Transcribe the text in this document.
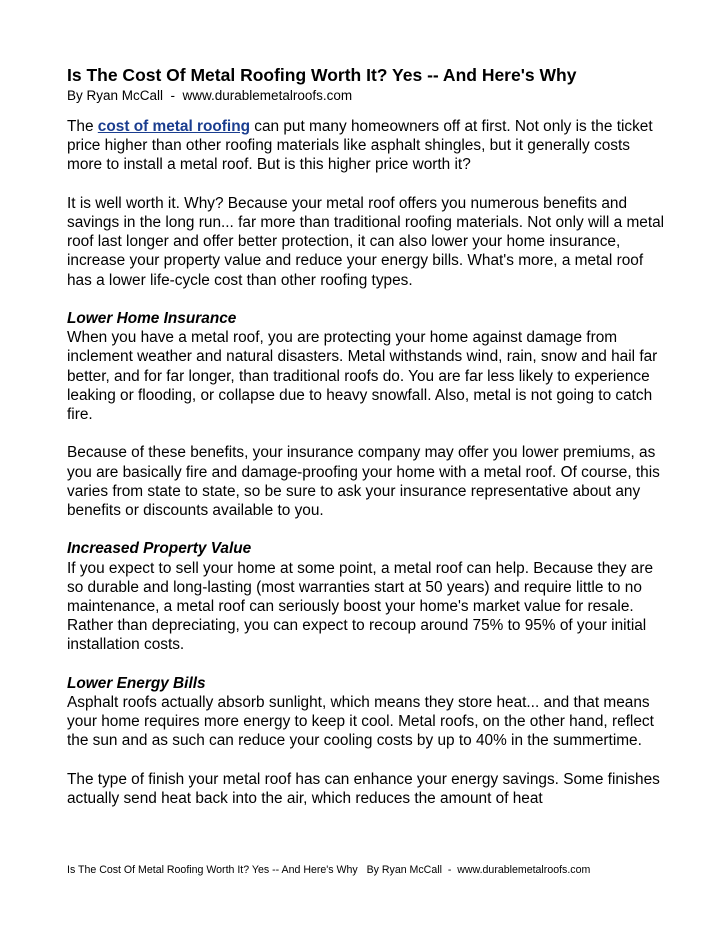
Is The Cost Of Metal Roofing Worth It? Yes -- And Here's Why

By Ryan McCall  -  www.durablemetalroofs.com

The cost of metal roofing can put many homeowners off at first. Not only is the ticket price higher than other roofing materials like asphalt shingles, but it generally costs more to install a metal roof. But is this higher price worth it?

It is well worth it. Why? Because your metal roof offers you numerous benefits and savings in the long run... far more than traditional roofing materials. Not only will a metal roof last longer and offer better protection, it can also lower your home insurance, increase your property value and reduce your energy bills. What's more, a metal roof has a lower life-cycle cost than other roofing types.

Lower Home Insurance
When you have a metal roof, you are protecting your home against damage from inclement weather and natural disasters. Metal withstands wind, rain, snow and hail far better, and for far longer, than traditional roofs do. You are far less likely to experience leaking or flooding, or collapse due to heavy snowfall. Also, metal is not going to catch fire.

Because of these benefits, your insurance company may offer you lower premiums, as you are basically fire and damage-proofing your home with a metal roof. Of course, this varies from state to state, so be sure to ask your insurance representative about any benefits or discounts available to you.

Increased Property Value
If you expect to sell your home at some point, a metal roof can help. Because they are so durable and long-lasting (most warranties start at 50 years) and require little to no maintenance, a metal roof can seriously boost your home's market value for resale. Rather than depreciating, you can expect to recoup around 75% to 95% of your initial installation costs.

Lower Energy Bills
Asphalt roofs actually absorb sunlight, which means they store heat... and that means your home requires more energy to keep it cool. Metal roofs, on the other hand, reflect the sun and as such can reduce your cooling costs by up to 40% in the summertime.

The type of finish your metal roof has can enhance your energy savings. Some finishes actually send heat back into the air, which reduces the amount of heat

Is The Cost Of Metal Roofing Worth It? Yes -- And Here's Why By Ryan McCall  -  www.durablemetalroofs.com
